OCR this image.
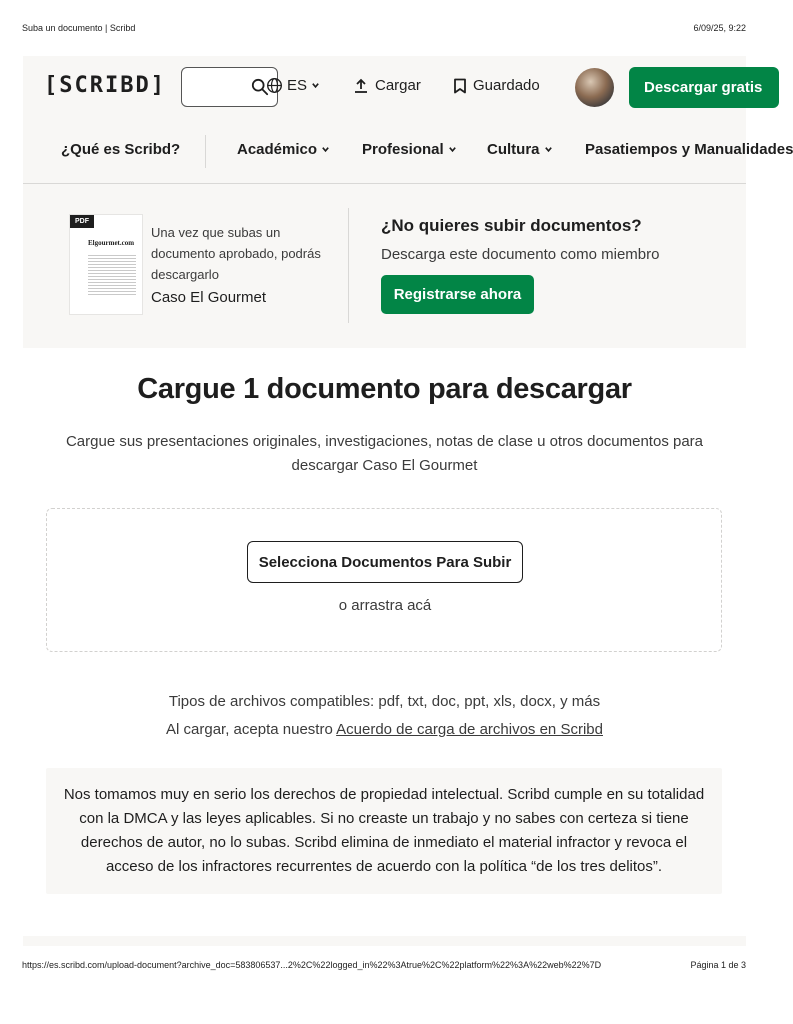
Suba un documento | Scribd	6/09/25, 9:22
[SCRIBD]	ES	Cargar	Guardado	Descargar gratis
¿Qué es Scribd?	Académico	Profesional	Cultura	Pasatiempos y Manualidades
PDF
Elgourmet.com
Una vez que subas un documento aprobado, podrás descargarlo
Caso El Gourmet
¿No quieres subir documentos?
Descarga este documento como miembro
Registrarse ahora
Cargue 1 documento para descargar

Cargue sus presentaciones originales, investigaciones, notas de clase u otros documentos para descargar Caso El Gourmet

Selecciona Documentos Para Subir
o arrastra acá
Tipos de archivos compatibles: pdf, txt, doc, ppt, xls, docx, y más
Al cargar, acepta nuestro Acuerdo de carga de archivos en Scribd
Nos tomamos muy en serio los derechos de propiedad intelectual. Scribd cumple en su totalidad con la DMCA y las leyes aplicables. Si no creaste un trabajo y no sabes con certeza si tiene derechos de autor, no lo subas. Scribd elimina de inmediato el material infractor y revoca el acceso de los infractores recurrentes de acuerdo con la política “de los tres delitos”.
https://es.scribd.com/upload-document?archive_doc=583806537...2%2C%22logged_in%22%3Atrue%2C%22platform%22%3A%22web%22%7D	Página 1 de 3
